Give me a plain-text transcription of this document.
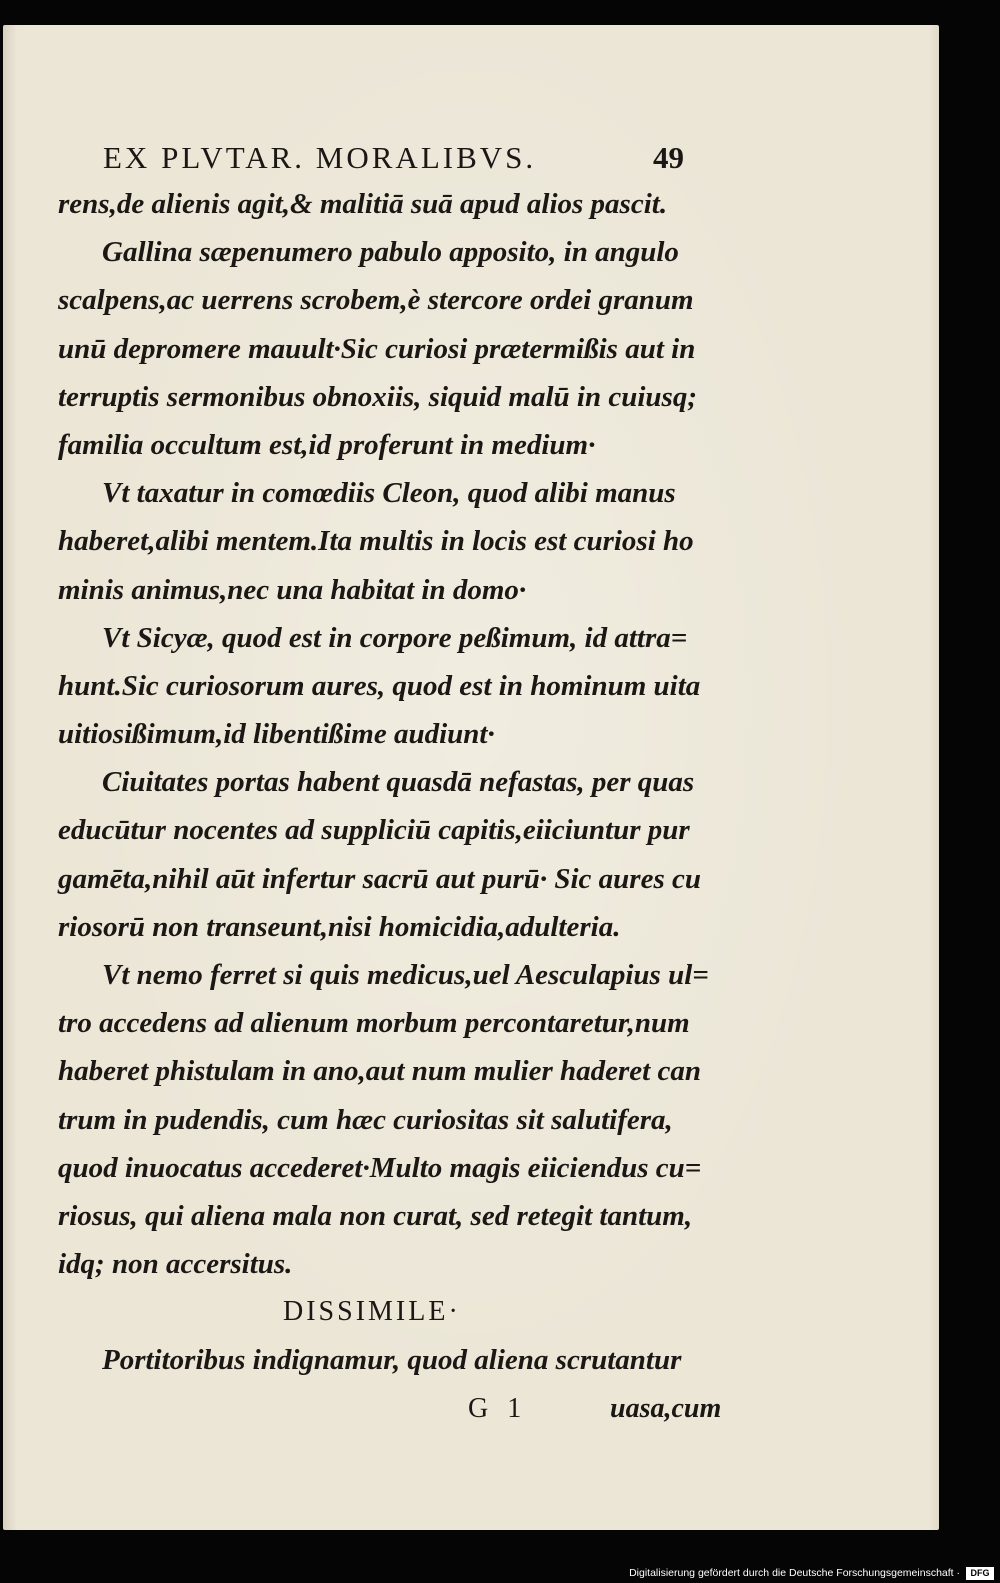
EX PLVTAR. MORALIBVS.	49
rens,de alienis agit,& malitiā suā apud alios pascit.
Gallina sæpenumero pabulo apposito, in angulo
scalpens,ac uerrens scrobem,è stercore ordei granum
unū depromere mauult·Sic curiosi prætermißis aut in
terruptis sermonibus obnoxiis, siquid malū in cuiusq;
familia occultum est,id proferunt in medium·
Vt taxatur in comœdiis Cleon, quod alibi manus
haberet,alibi mentem.Ita multis in locis est curiosi ho
minis animus,nec una habitat in domo·
Vt Sicyæ, quod est in corpore peßimum, id attra=
hunt.Sic curiosorum aures, quod est in hominum uita
uitiosißimum,id libentißime audiunt·
Ciuitates portas habent quasdā nefastas, per quas
educūtur nocentes ad suppliciū capitis,eiiciuntur pur
gamēta,nihil aūt infertur sacrū aut purū· Sic aures cu
riosorū non transeunt,nisi homicidia,adulteria.
Vt nemo ferret si quis medicus,uel Aesculapius ul=
tro accedens ad alienum morbum percontaretur,num
haberet phistulam in ano,aut num mulier haderet can
trum in pudendis, cum hæc curiositas sit salutifera,
quod inuocatus accederet·Multo magis eiiciendus cu=
riosus, qui aliena mala non curat, sed retegit tantum,
idq; non accersitus.
DISSIMILE·
Portitoribus indignamur, quod aliena scrutantur
G 1	uasa,cum
Digitalisierung gefördert durch die Deutsche Forschungsgemeinschaft ·	DFG
